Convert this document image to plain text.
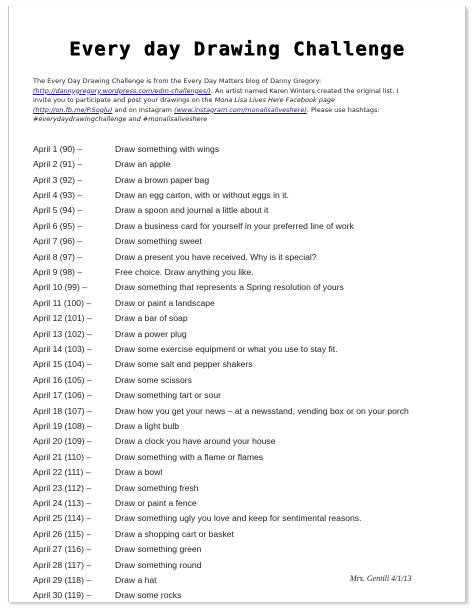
Every day Drawing Challenge
The Every Day Drawing Challenge is from the Every Day Matters blog of Danny Gregory:
(http://dannygregory.wordpress.com/edm-challenges/). An artist named Karen Winters created the original list. I
invite you to participate and post your drawings on the Mona Lisa Lives Here Facebook page
(http://on.fb.me/P.Soglu) and on Instagram (www.instagram.com/monalisaliveshere). Please use hashtags:
#everydaydrawingchallenge and #monalisaliveshere
April 1 (90) –	Draw something with wings
April 2 (91) –	Draw an apple
April 3 (92) –	Draw a brown paper bag
April 4 (93) –	Draw an egg carton, with or without eggs in it.
April 5 (94) –	Draw a spoon and journal a little about it
April 6 (95) –	Draw a business card for yourself in your preferred line of work
April 7 (96) –	Draw something sweet
April 8 (97) –	Draw a present you have received. Why is it special?
April 9 (98) –	Free choice. Draw anything you like.
April 10 (99) –	Draw something that represents a Spring resolution of yours
April 11 (100) –	Draw or paint a landscape
April 12 (101) –	Draw a bar of soap
April 13 (102) –	Draw a power plug
April 14 (103) –	Draw some exercise equipment or what you use to stay fit.
April 15 (104) –	Draw some salt and pepper shakers
April 16 (105) –	Draw some scissors
April 17 (106) –	Draw something tart or sour
April 18 (107) –	Draw how you get your news – at a newsstand, vending box or on your porch
April 19 (108) –	Draw a light bulb
April 20 (109) –	Draw a clock you have around your house
April 21 (110) –	Draw something with a flame or flames
April 22 (111) –	Draw a bowl
April 23 (112) –	Draw something fresh
April 24 (113) –	Draw or paint a fence
April 25 (114) –	Draw something ugly you love and keep for sentimental reasons.
April 26 (115) –	Draw a shopping cart or basket
April 27 (116) –	Draw something green
April 28 (117) –	Draw something round
April 29 (118) –	Draw a hat
April 30 (119) –	Draw some rocks
Mrs. Gentili 4/1/13
